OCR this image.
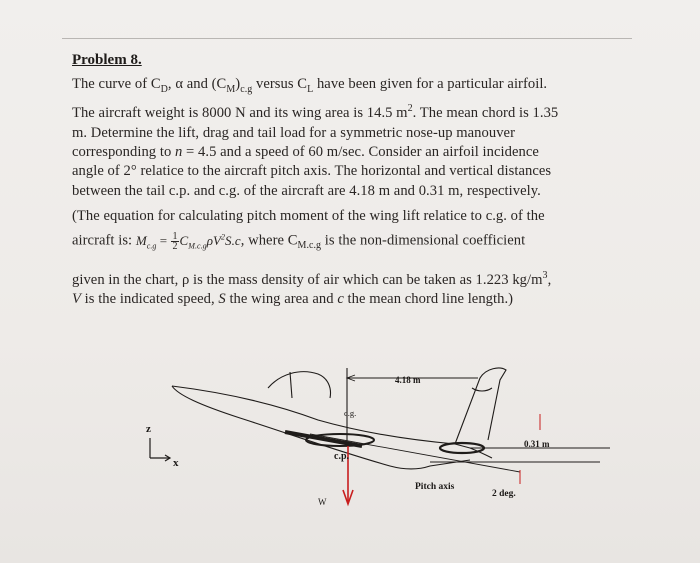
Problem 8.
The curve of $C_D$, α and $(C_M)_{c.g}$ versus $C_L$ have been given for a particular airfoil.
The aircraft weight is 8000 N and its wing area is 14.5 $m^2$. The mean chord is 1.35
m. Determine the lift, drag and tail load for a symmetric nose-up manouver
corresponding to n = 4.5 and a speed of 60 m/sec. Consider an airfoil incidence
angle of 2° relatice to the aircraft pitch axis. The horizontal and vertical distances
between the tail c.p. and c.g. of the aircraft are 4.18 m and 0.31 m, respectively.
(The equation for calculating pitch moment of the wing lift relatice to c.g. of the
aircraft is: $M_{c.g} = \frac{1}{2} C_{M.c.g}\rho V^2S.c$, where $C_{M.c.g}$ is the non-dimensional coefficient
given in the chart, ρ is the mass density of air which can be taken as 1.223 $kg/m^3$,
V is the indicated speed, S the wing area and c the mean chord line length.)
4.18 m
c.g.
c.p.
0.31 m
Pitch axis
2 deg.
W
z
x
